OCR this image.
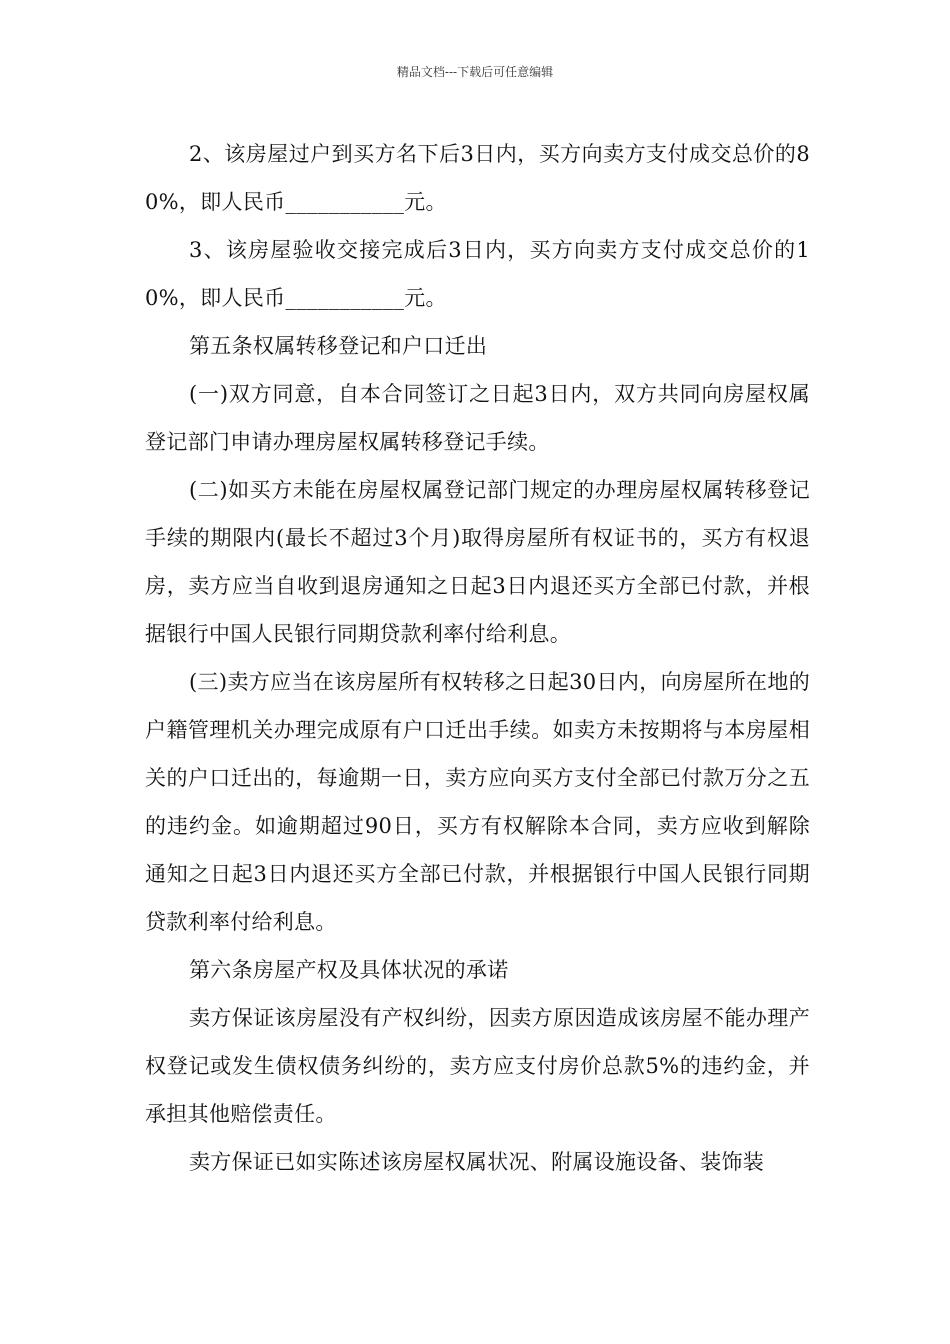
精品文档---下载后可任意编辑

2、该房屋过户到买方名下后3日内，买方向卖方支付成交总价的80%，即人民币___________元。

3、该房屋验收交接完成后3日内，买方向卖方支付成交总价的10%，即人民币___________元。

第五条权属转移登记和户口迁出

(一)双方同意，自本合同签订之日起3日内，双方共同向房屋权属登记部门申请办理房屋权属转移登记手续。

(二)如买方未能在房屋权属登记部门规定的办理房屋权属转移登记手续的期限内(最长不超过3个月)取得房屋所有权证书的，买方有权退房，卖方应当自收到退房通知之日起3日内退还买方全部已付款，并根据银行中国人民银行同期贷款利率付给利息。

(三)卖方应当在该房屋所有权转移之日起30日内，向房屋所在地的户籍管理机关办理完成原有户口迁出手续。如卖方未按期将与本房屋相关的户口迁出的，每逾期一日，卖方应向买方支付全部已付款万分之五的违约金。如逾期超过90日，买方有权解除本合同，卖方应收到解除通知之日起3日内退还买方全部已付款，并根据银行中国人民银行同期贷款利率付给利息。

第六条房屋产权及具体状况的承诺

卖方保证该房屋没有产权纠纷，因卖方原因造成该房屋不能办理产权登记或发生债权债务纠纷的，卖方应支付房价总款5%的违约金，并承担其他赔偿责任。

卖方保证已如实陈述该房屋权属状况、附属设施设备、装饰装
